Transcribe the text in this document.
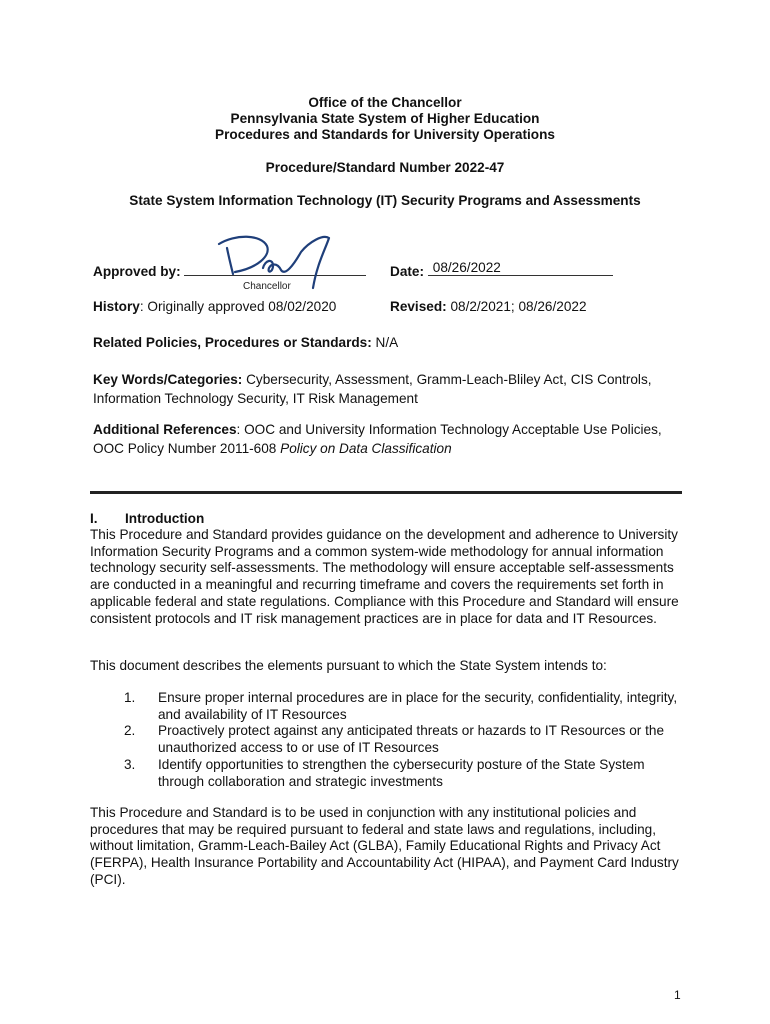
Office of the Chancellor
Pennsylvania State System of Higher Education
Procedures and Standards for University Operations
Procedure/Standard Number 2022-47
State System Information Technology (IT) Security Programs and Assessments
Approved by:
Chancellor
Date: 08/26/2022
History: Originally approved 08/02/2020	Revised: 08/2/2021; 08/26/2022
Related Policies, Procedures or Standards: N/A
Key Words/Categories: Cybersecurity, Assessment, Gramm-Leach-Bliley Act, CIS Controls, Information Technology Security, IT Risk Management
Additional References: OOC and University Information Technology Acceptable Use Policies, OOC Policy Number 2011-608 Policy on Data Classification
I. Introduction
This Procedure and Standard provides guidance on the development and adherence to University Information Security Programs and a common system-wide methodology for annual information technology security self-assessments. The methodology will ensure acceptable self-assessments are conducted in a meaningful and recurring timeframe and covers the requirements set forth in applicable federal and state regulations. Compliance with this Procedure and Standard will ensure consistent protocols and IT risk management practices are in place for data and IT Resources.
This document describes the elements pursuant to which the State System intends to:
1. Ensure proper internal procedures are in place for the security, confidentiality, integrity, and availability of IT Resources
2. Proactively protect against any anticipated threats or hazards to IT Resources or the unauthorized access to or use of IT Resources
3. Identify opportunities to strengthen the cybersecurity posture of the State System through collaboration and strategic investments
This Procedure and Standard is to be used in conjunction with any institutional policies and procedures that may be required pursuant to federal and state laws and regulations, including, without limitation, Gramm-Leach-Bailey Act (GLBA), Family Educational Rights and Privacy Act (FERPA), Health Insurance Portability and Accountability Act (HIPAA), and Payment Card Industry (PCI).
1
